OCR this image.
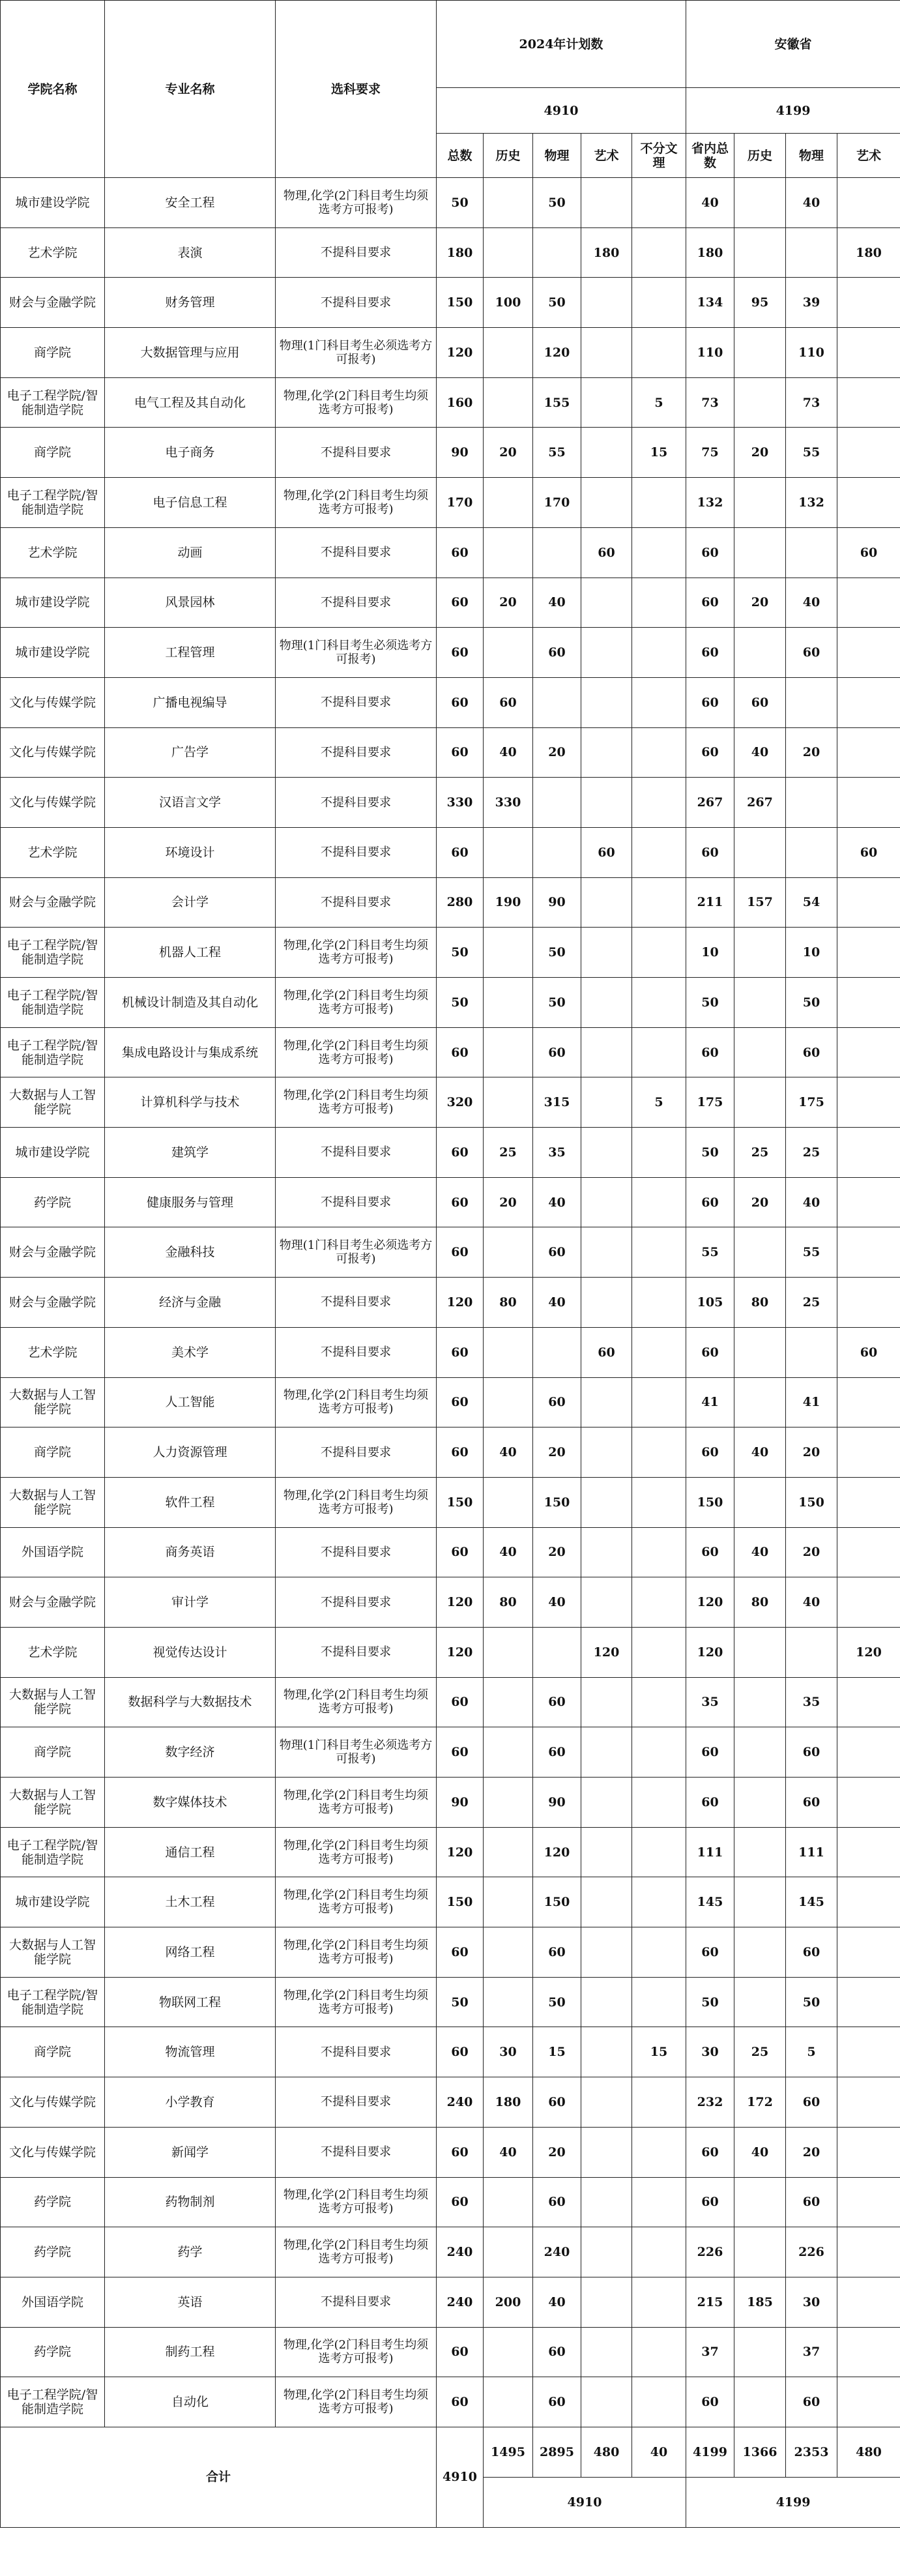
学院名称	专业名称	选科要求	2024年计划数					安徽省			
			4910					4199			
			总数	历史	物理	艺术	不分文理	省内总数	历史	物理	艺术
城市建设学院	安全工程	物理,化学(2门科目考生均须选考方可报考)	50		50			40		40	
艺术学院	表演	不提科目要求	180			180		180			180
财会与金融学院	财务管理	不提科目要求	150	100	50			134	95	39	
商学院	大数据管理与应用	物理(1门科目考生必须选考方可报考)	120		120			110		110	
电子工程学院/智能制造学院	电气工程及其自动化	物理,化学(2门科目考生均须选考方可报考)	160		155		5	73		73	
商学院	电子商务	不提科目要求	90	20	55		15	75	20	55	
电子工程学院/智能制造学院	电子信息工程	物理,化学(2门科目考生均须选考方可报考)	170		170			132		132	
艺术学院	动画	不提科目要求	60			60		60			60
城市建设学院	风景园林	不提科目要求	60	20	40			60	20	40	
城市建设学院	工程管理	物理(1门科目考生必须选考方可报考)	60		60			60		60	
文化与传媒学院	广播电视编导	不提科目要求	60	60				60	60		
文化与传媒学院	广告学	不提科目要求	60	40	20			60	40	20	
文化与传媒学院	汉语言文学	不提科目要求	330	330				267	267		
艺术学院	环境设计	不提科目要求	60			60		60			60
财会与金融学院	会计学	不提科目要求	280	190	90			211	157	54	
电子工程学院/智能制造学院	机器人工程	物理,化学(2门科目考生均须选考方可报考)	50		50			10		10	
电子工程学院/智能制造学院	机械设计制造及其自动化	物理,化学(2门科目考生均须选考方可报考)	50		50			50		50	
电子工程学院/智能制造学院	集成电路设计与集成系统	物理,化学(2门科目考生均须选考方可报考)	60		60			60		60	
大数据与人工智能学院	计算机科学与技术	物理,化学(2门科目考生均须选考方可报考)	320		315		5	175		175	
城市建设学院	建筑学	不提科目要求	60	25	35			50	25	25	
药学院	健康服务与管理	不提科目要求	60	20	40			60	20	40	
财会与金融学院	金融科技	物理(1门科目考生必须选考方可报考)	60		60			55		55	
财会与金融学院	经济与金融	不提科目要求	120	80	40			105	80	25	
艺术学院	美术学	不提科目要求	60			60		60			60
大数据与人工智能学院	人工智能	物理,化学(2门科目考生均须选考方可报考)	60		60			41		41	
商学院	人力资源管理	不提科目要求	60	40	20			60	40	20	
大数据与人工智能学院	软件工程	物理,化学(2门科目考生均须选考方可报考)	150		150			150		150	
外国语学院	商务英语	不提科目要求	60	40	20			60	40	20	
财会与金融学院	审计学	不提科目要求	120	80	40			120	80	40	
艺术学院	视觉传达设计	不提科目要求	120			120		120			120
大数据与人工智能学院	数据科学与大数据技术	物理,化学(2门科目考生均须选考方可报考)	60		60			35		35	
商学院	数字经济	物理(1门科目考生必须选考方可报考)	60		60			60		60	
大数据与人工智能学院	数字媒体技术	物理,化学(2门科目考生均须选考方可报考)	90		90			60		60	
电子工程学院/智能制造学院	通信工程	物理,化学(2门科目考生均须选考方可报考)	120		120			111		111	
城市建设学院	土木工程	物理,化学(2门科目考生均须选考方可报考)	150		150			145		145	
大数据与人工智能学院	网络工程	物理,化学(2门科目考生均须选考方可报考)	60		60			60		60	
电子工程学院/智能制造学院	物联网工程	物理,化学(2门科目考生均须选考方可报考)	50		50			50		50	
商学院	物流管理	不提科目要求	60	30	15		15	30	25	5	
文化与传媒学院	小学教育	不提科目要求	240	180	60			232	172	60	
文化与传媒学院	新闻学	不提科目要求	60	40	20			60	40	20	
药学院	药物制剂	物理,化学(2门科目考生均须选考方可报考)	60		60			60		60	
药学院	药学	物理,化学(2门科目考生均须选考方可报考)	240		240			226		226	
外国语学院	英语	不提科目要求	240	200	40			215	185	30	
药学院	制药工程	物理,化学(2门科目考生均须选考方可报考)	60		60			37		37	
电子工程学院/智能制造学院	自动化	物理,化学(2门科目考生均须选考方可报考)	60		60			60		60	
合计			4910	1495	2895	480	40	4199	1366	2353	480
				4910				4199			
